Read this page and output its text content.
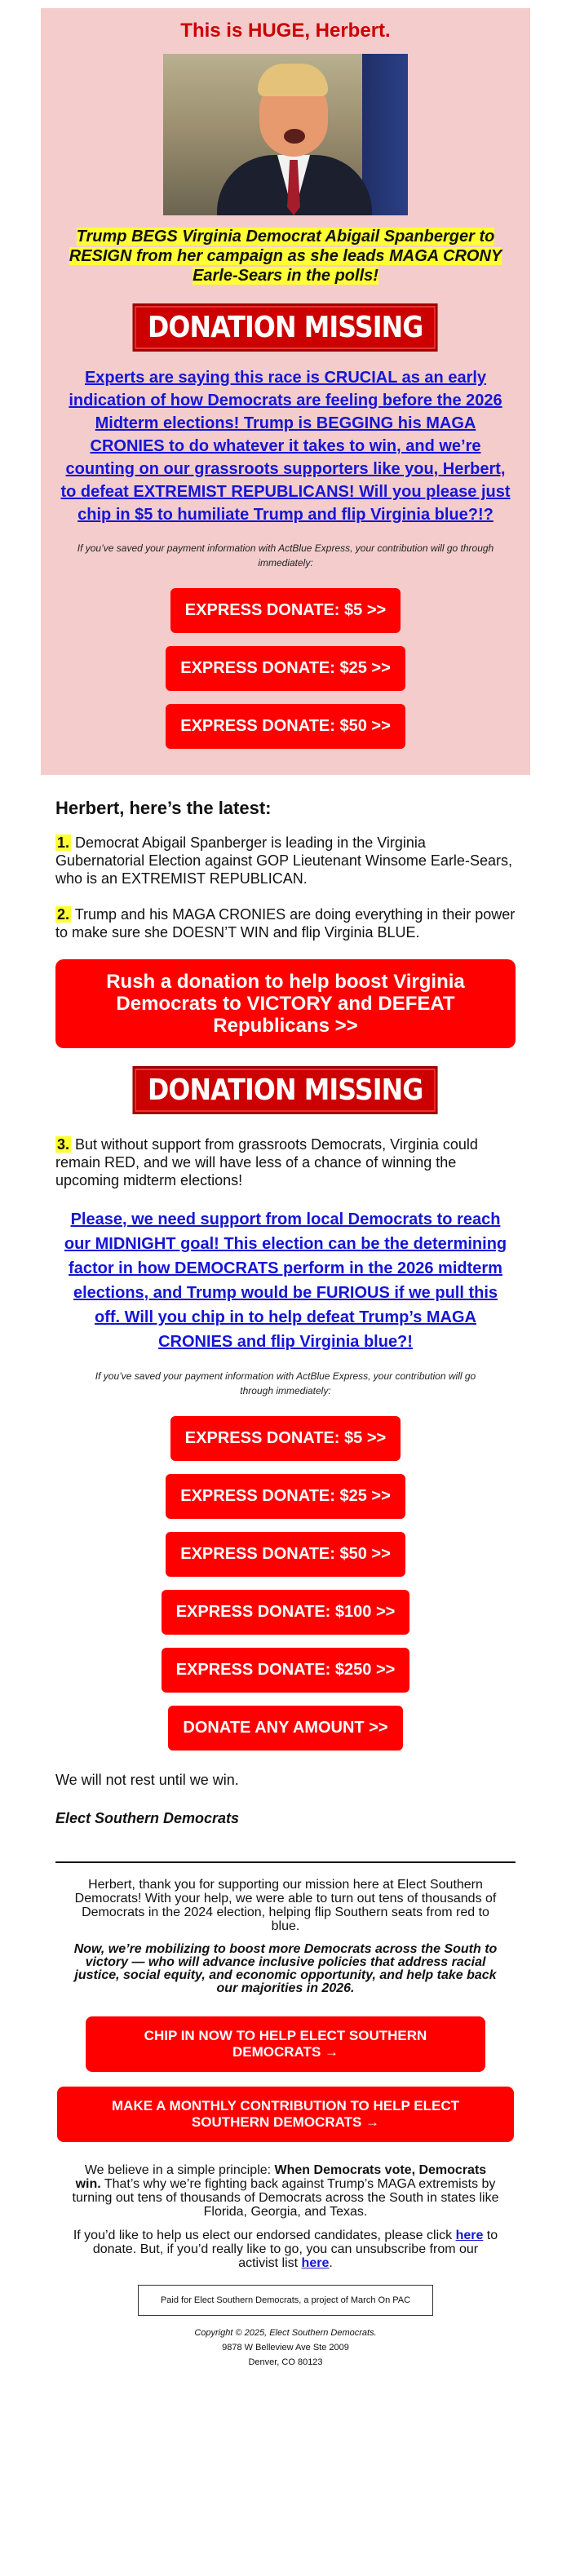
This is HUGE, Herbert.
Trump BEGS Virginia Democrat Abigail Spanberger to RESIGN from her campaign as she leads MAGA CRONY Earle-Sears in the polls!
DONATION MISSING

Experts are saying this race is CRUCIAL as an early indication of how Democrats are feeling before the 2026 Midterm elections! Trump is BEGGING his MAGA CRONIES to do whatever it takes to win, and we’re counting on our grassroots supporters like you, Herbert, to defeat EXTREMIST REPUBLICANS! Will you please just chip in $5 to humiliate Trump and flip Virginia blue?!?

If you’ve saved your payment information with ActBlue Express, your contribution will go through immediately:

EXPRESS DONATE: $5 >>
EXPRESS DONATE: $25 >>
EXPRESS DONATE: $50 >>
Herbert, here’s the latest:

1. Democrat Abigail Spanberger is leading in the Virginia Gubernatorial Election against GOP Lieutenant Winsome Earle-Sears, who is an EXTREMIST REPUBLICAN.

2. Trump and his MAGA CRONIES are doing everything in their power to make sure she DOESN’T WIN and flip Virginia BLUE.

Rush a donation to help boost Virginia Democrats to VICTORY and DEFEAT Republicans >>
DONATION MISSING

3. But without support from grassroots Democrats, Virginia could remain RED, and we will have less of a chance of winning the upcoming midterm elections!

Please, we need support from local Democrats to reach our MIDNIGHT goal! This election can be the determining factor in how DEMOCRATS perform in the 2026 midterm elections, and Trump would be FURIOUS if we pull this off. Will you chip in to help defeat Trump’s MAGA CRONIES and flip Virginia blue?!

If you’ve saved your payment information with ActBlue Express, your contribution will go through immediately:

EXPRESS DONATE: $5 >>
EXPRESS DONATE: $25 >>
EXPRESS DONATE: $50 >>
EXPRESS DONATE: $100 >>
EXPRESS DONATE: $250 >>
DONATE ANY AMOUNT >>

We will not rest until we win.

Elect Southern Democrats

Herbert, thank you for supporting our mission here at Elect Southern Democrats! With your help, we were able to turn out tens of thousands of Democrats in the 2024 election, helping flip Southern seats from red to blue.

Now, we’re mobilizing to boost more Democrats across the South to victory — who will advance inclusive policies that address racial justice, social equity, and economic opportunity, and help take back our majorities in 2026.

CHIP IN NOW TO HELP ELECT SOUTHERN DEMOCRATS →
MAKE A MONTHLY CONTRIBUTION TO HELP ELECT SOUTHERN DEMOCRATS →

We believe in a simple principle: When Democrats vote, Democrats win. That’s why we’re fighting back against Trump’s MAGA extremists by turning out tens of thousands of Democrats across the South in states like Florida, Georgia, and Texas.

If you’d like to help us elect our endorsed candidates, please click here to donate. But, if you’d really like to go, you can unsubscribe from our activist list here.

Paid for Elect Southern Democrats, a project of March On PAC
Copyright © 2025, Elect Southern Democrats.
9878 W Belleview Ave Ste 2009
Denver, CO 80123
